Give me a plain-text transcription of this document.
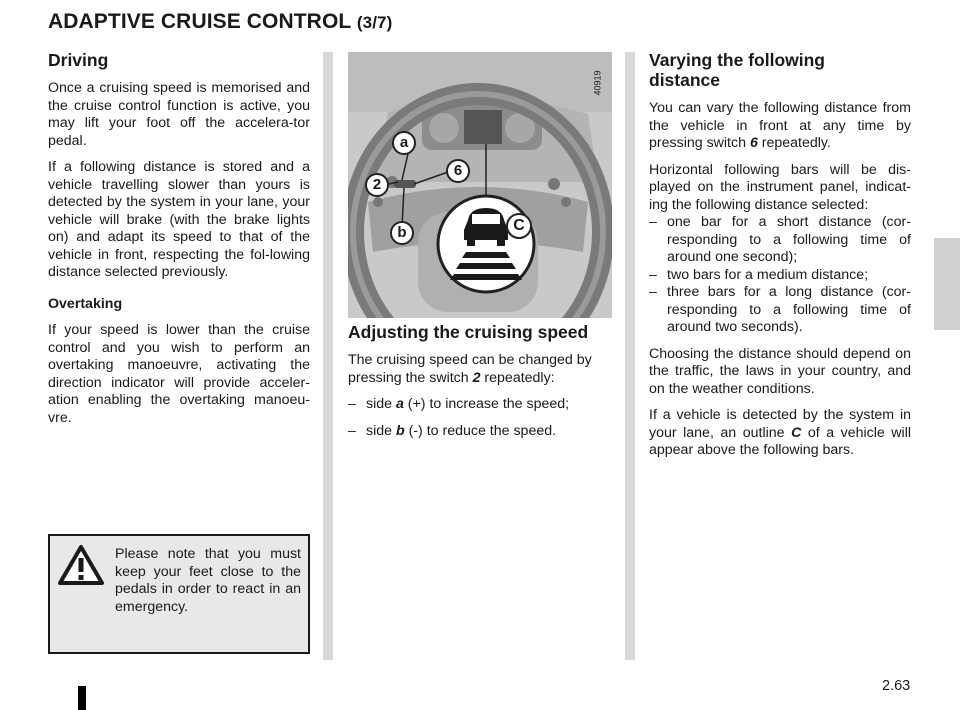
ADAPTIVE CRUISE CONTROL (3/7)
Driving

Once a cruising speed is memorised and the cruise control function is active, you may lift your foot off the accelera-tor pedal.

If a following distance is stored and a vehicle travelling slower than yours is detected by the system in your lane, your vehicle will brake (with the brake lights on) and adapt its speed to that of the vehicle in front, respecting the fol-lowing distance selected previously.

Overtaking

If your speed is lower than the cruise control and you wish to perform an overtaking manoeuvre, activating the direction indicator will provide acceler-ation enabling the overtaking manoeu-vre.

Please note that you must keep your feet close to the pedals in order to react in an emergency.
40919
a
6
2
b	C
Adjusting the cruising speed

The cruising speed can be changed by pressing the switch 2 repeatedly:

– side a (+) to increase the speed;
– side b (-) to reduce the speed.
Varying the following distance

You can vary the following distance from the vehicle in front at any time by pressing switch 6 repeatedly.

Horizontal following bars will be dis-played on the instrument panel, indicat-ing the following distance selected:

– one bar for a short distance (cor-responding to a following time of around one second);
– two bars for a medium distance;
– three bars for a long distance (cor-responding to a following time of around two seconds).

Choosing the distance should depend on the traffic, the laws in your country, and on the weather conditions.

If a vehicle is detected by the system in your lane, an outline C of a vehicle will appear above the following bars.

2.63
